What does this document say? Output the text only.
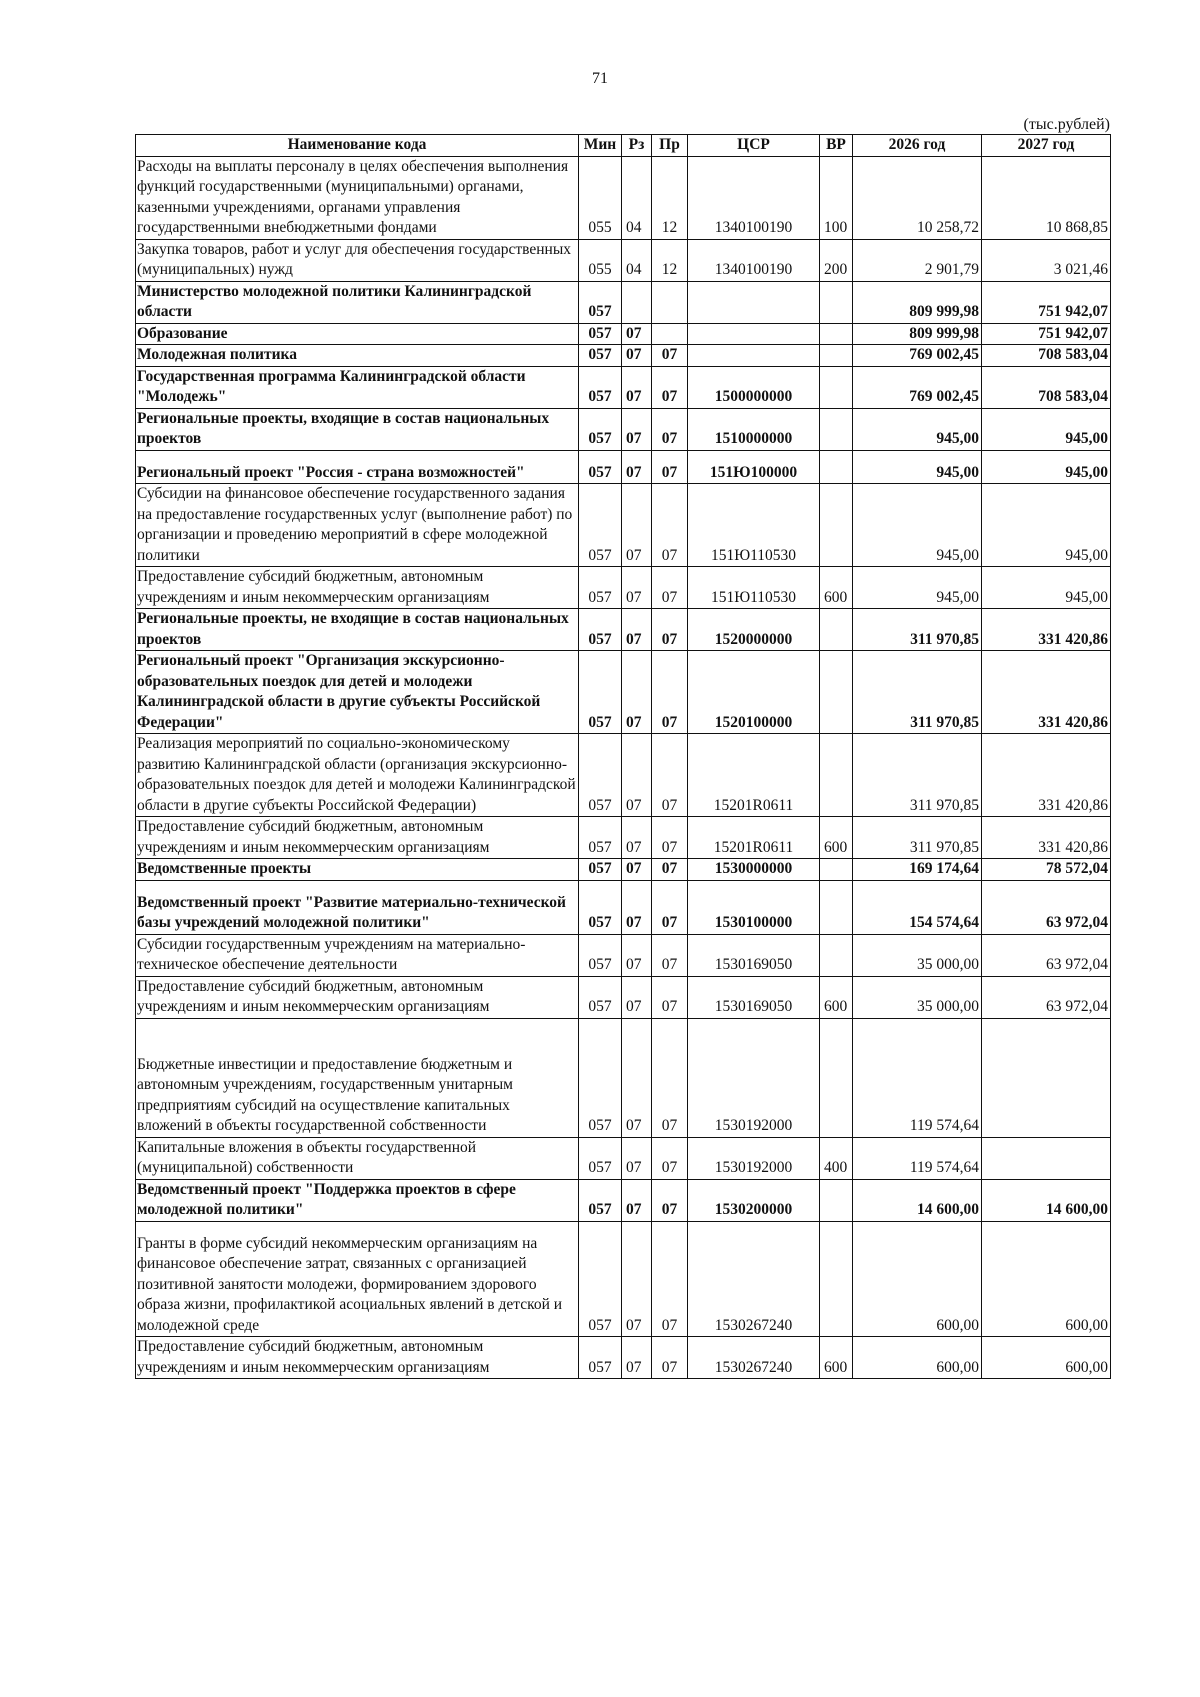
71
(тыс.рублей)
Наименование кода	Мин	Рз	Пр	ЦСР	ВР	2026 год	2027 год
Расходы на выплаты персоналу в целях обеспечения выполнения функций государственными (муниципальными) органами, казенными учреждениями, органами управления государственными внебюджетными фондами	055	04	12	1340100190	100	10 258,72	10 868,85
Закупка товаров, работ и услуг для обеспечения государственных (муниципальных) нужд	055	04	12	1340100190	200	2 901,79	3 021,46
Министерство молодежной политики Калининградской области	057					809 999,98	751 942,07
Образование	057	07				809 999,98	751 942,07
Молодежная политика	057	07	07			769 002,45	708 583,04
Государственная программа Калининградской области "Молодежь"	057	07	07	1500000000		769 002,45	708 583,04
Региональные проекты, входящие в состав национальных проектов	057	07	07	1510000000		945,00	945,00
Региональный проект "Россия - страна возможностей"	057	07	07	151Ю100000		945,00	945,00
Субсидии на финансовое обеспечение государственного задания на предоставление государственных услуг (выполнение работ) по организации и проведению мероприятий в сфере молодежной политики	057	07	07	151Ю110530		945,00	945,00
Предоставление субсидий бюджетным, автономным учреждениям и иным некоммерческим организациям	057	07	07	151Ю110530	600	945,00	945,00
Региональные проекты, не входящие в состав национальных проектов	057	07	07	1520000000		311 970,85	331 420,86
Региональный проект "Организация экскурсионно-образовательных поездок для детей и молодежи Калининградской области в другие субъекты Российской Федерации"	057	07	07	1520100000		311 970,85	331 420,86
Реализация мероприятий по социально-экономическому развитию Калининградской области (организация экскурсионно-образовательных поездок для детей и молодежи Калининградской области в другие субъекты Российской Федерации)	057	07	07	15201R0611		311 970,85	331 420,86
Предоставление субсидий бюджетным, автономным учреждениям и иным некоммерческим организациям	057	07	07	15201R0611	600	311 970,85	331 420,86
Ведомственные проекты	057	07	07	1530000000		169 174,64	78 572,04
Ведомственный проект "Развитие материально-технической базы учреждений молодежной политики"	057	07	07	1530100000		154 574,64	63 972,04
Субсидии государственным учреждениям на материально-техническое обеспечение деятельности	057	07	07	1530169050		35 000,00	63 972,04
Предоставление субсидий бюджетным, автономным учреждениям и иным некоммерческим организациям	057	07	07	1530169050	600	35 000,00	63 972,04
Бюджетные инвестиции и предоставление бюджетным и автономным учреждениям, государственным унитарным предприятиям субсидий на осуществление капитальных вложений в объекты государственной собственности	057	07	07	1530192000		119 574,64	
Капитальные вложения в объекты государственной (муниципальной) собственности	057	07	07	1530192000	400	119 574,64	
Ведомственный проект "Поддержка проектов в сфере молодежной политики"	057	07	07	1530200000		14 600,00	14 600,00
Гранты в форме субсидий некоммерческим организациям на финансовое обеспечение затрат, связанных с организацией позитивной занятости молодежи, формированием здорового образа жизни, профилактикой асоциальных явлений в детской и молодежной среде	057	07	07	1530267240		600,00	600,00
Предоставление субсидий бюджетным, автономным учреждениям и иным некоммерческим организациям	057	07	07	1530267240	600	600,00	600,00
